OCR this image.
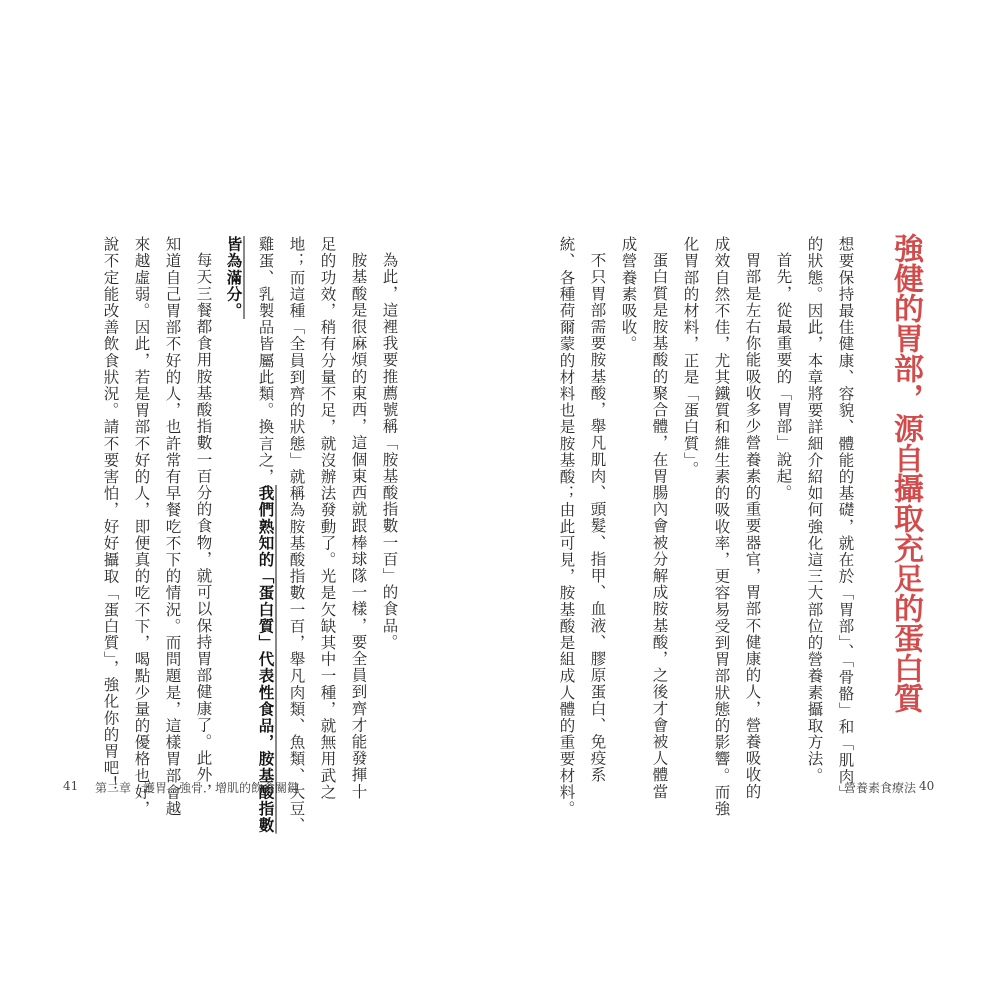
強健的胃部，源自攝取充足的蛋白質
想要保持最佳健康、容貌、體能的基礎，就在於「胃部」、「骨骼」和「肌肉」
的狀態。因此，本章將要詳細介紹如何強化這三大部位的營養素攝取方法。
首先，從最重要的「胃部」說起。
胃部是左右你能吸收多少營養素的重要器官，胃部不健康的人，營養吸收的
成效自然不佳，尤其鐵質和維生素的吸收率，更容易受到胃部狀態的影響。而強
化胃部的材料，正是「蛋白質」。
蛋白質是胺基酸的聚合體，在胃腸內會被分解成胺基酸，之後才會被人體當
成營養素吸收。
不只胃部需要胺基酸，舉凡肌肉、頭髮、指甲、血液、膠原蛋白、免疫系
統、各種荷爾蒙的材料也是胺基酸；由此可見，胺基酸是組成人體的重要材料。	營養素食療法 40
為此，這裡我要推薦號稱「胺基酸指數一百」的食品。
胺基酸是很麻煩的東西，這個東西就跟棒球隊一樣，要全員到齊才能發揮十
足的功效，稍有分量不足，就沒辦法發動了。光是欠缺其中一種，就無用武之
地；而這種「全員到齊的狀態」就稱為胺基酸指數一百，舉凡肉類、魚類、大豆、
雞蛋、乳製品皆屬此類。換言之，我們熟知的「蛋白質」代表性食品，胺基酸指數
皆為滿分。
每天三餐都食用胺基酸指數一百分的食物，就可以保持胃部健康了。此外，
知道自己胃部不好的人，也許常有早餐吃不下的情況。而問題是，這樣胃部會越
來越虛弱。因此，若是胃部不好的人，即便真的吃不下，喝點少量的優格也好，
說不定能改善飲食狀況。請不要害怕，好好攝取「蛋白質」，強化你的胃吧！
41 第二章　護胃．強骨．增肌的飲食關鍵
